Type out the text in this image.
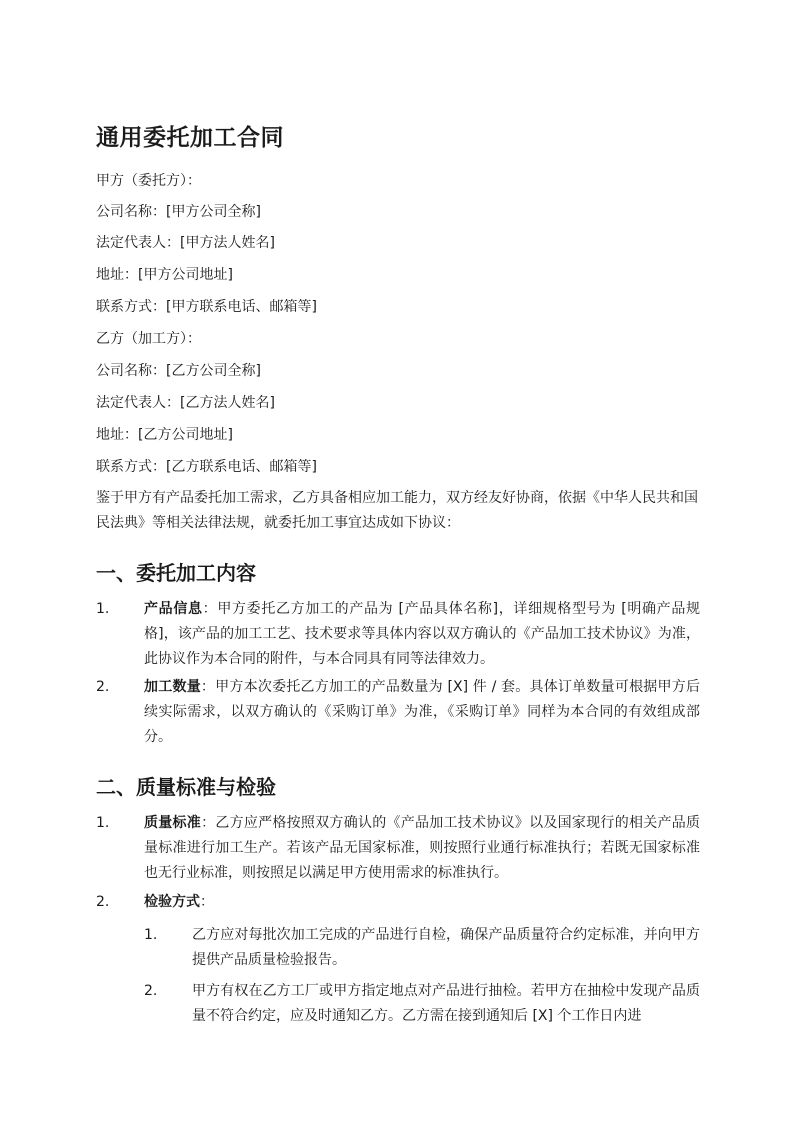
通用委托加工合同

甲方（委托方）：

公司名称：[甲方公司全称]

法定代表人：[甲方法人姓名]

地址：[甲方公司地址]

联系方式：[甲方联系电话、邮箱等]

乙方（加工方）：

公司名称：[乙方公司全称]

法定代表人：[乙方法人姓名]

地址：[乙方公司地址]

联系方式：[乙方联系电话、邮箱等]

鉴于甲方有产品委托加工需求，乙方具备相应加工能力，双方经友好协商，依据《中华人民共和国民法典》等相关法律法规，就委托加工事宜达成如下协议：

一、委托加工内容
1.	产品信息：甲方委托乙方加工的产品为 [产品具体名称]，详细规格型号为 [明确产品规格]，该产品的加工工艺、技术要求等具体内容以双方确认的《产品加工技术协议》为准，此协议作为本合同的附件，与本合同具有同等法律效力。
2.	加工数量：甲方本次委托乙方加工的产品数量为 [X] 件 / 套。具体订单数量可根据甲方后续实际需求，以双方确认的《采购订单》为准，《采购订单》同样为本合同的有效组成部分。
二、质量标准与检验
1.	质量标准：乙方应严格按照双方确认的《产品加工技术协议》以及国家现行的相关产品质量标准进行加工生产。若该产品无国家标准，则按照行业通行标准执行；若既无国家标准也无行业标准，则按照足以满足甲方使用需求的标准执行。
2.	检验方式：
1.	乙方应对每批次加工完成的产品进行自检，确保产品质量符合约定标准，并向甲方提供产品质量检验报告。
2.	甲方有权在乙方工厂或甲方指定地点对产品进行抽检。若甲方在抽检中发现产品质量不符合约定，应及时通知乙方。乙方需在接到通知后 [X] 个工作日内进
